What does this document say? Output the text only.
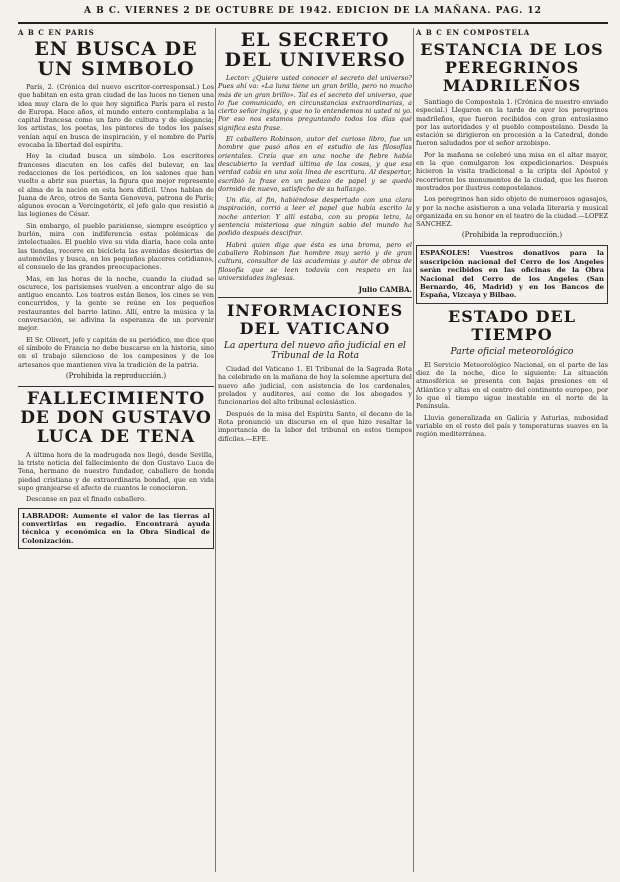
A B C. VIERNES 2 DE OCTUBRE DE 1942. EDICION DE LA MAÑANA. PAG. 12
A B C EN PARIS
EN BUSCA DE UN SIMBOLO

París, 2. (Crónica del nuevo escritor-corresponsal.) Los que habitan en esta gran ciudad de las luces no tienen una idea muy clara de lo que hoy significa París para el resto de Europa. Hace años, el mundo entero contemplaba a la capital francesa como un faro de cultura y de elegancia; los artistas, los poetas, los pintores de todos los países venían aquí en busca de inspiración, y el nombre de París evocaba la libertad del espíritu.

Hoy la ciudad busca un símbolo. Los escritores franceses discuten en los cafés del bulevar, en las redacciones de los periódicos, en los salones que han vuelto a abrir sus puertas, la figura que mejor represente el alma de la nación en esta hora difícil. Unos hablan de Juana de Arco, otros de Santa Genoveva, patrona de París; algunos evocan a Vercingetórix, el jefe galo que resistió a las legiones de César.

Sin embargo, el pueblo parisiense, siempre escéptico y burlón, mira con indiferencia estas polémicas de intelectuales. El pueblo vive su vida diaria, hace cola ante las tiendas, recorre en bicicleta las avenidas desiertas de automóviles y busca, en los pequeños placeres cotidianos, el consuelo de las grandes preocupaciones.

Mas, en las horas de la noche, cuando la ciudad se oscurece, los parisienses vuelven a encontrar algo de su antiguo encanto. Los teatros están llenos, los cines se ven concurridos, y la gente se reúne en los pequeños restaurantes del barrio latino. Allí, entre la música y la conversación, se adivina la esperanza de un porvenir mejor.

El Sr. Olivert, jefe y capitán de su periódico, me dice que el símbolo de Francia no debe buscarse en la historia, sino en el trabajo silencioso de los campesinos y de los artesanos que mantienen viva la tradición de la patria.

(Prohibida la reproducción.)
FALLECIMIENTO DE DON GUSTAVO LUCA DE TENA

A última hora de la madrugada nos llegó, desde Sevilla, la triste noticia del fallecimiento de don Gustavo Luca de Tena, hermano de nuestro fundador, caballero de honda piedad cristiana y de extraordinaria bondad, que en vida supo granjearse el afecto de cuantos le conocieron.

Descanse en paz el finado caballero.

LABRADOR: Aumente el valor de las tierras al convertirlas en regadío. Encontrará ayuda técnica y económica en la Obra Sindical de Colonización.
EL SECRETO DEL UNIVERSO

Lector: ¿Quiere usted conocer el secreto del universo? Pues ahí va: «La luna tiene un gran brillo, pero no mucho más de un gran brillo». Tal es el secreto del universo, que lo fue comunicado, en circunstancias extraordinarias, a cierto señor inglés, y que no lo entendemos ni usted ni yo. Por eso nos estamos preguntando todos los días qué significa esta frase.

El caballero Robinson, autor del curioso libro, fue un hombre que pasó años en el estudio de las filosofías orientales. Creía que en una noche de fiebre había descubierto la verdad última de las cosas, y que esa verdad cabía en una sola línea de escritura. Al despertar, escribió la frase en un pedazo de papel y se quedó dormido de nuevo, satisfecho de su hallazgo.

Un día, al fin, habiéndose despertado con una clara inspiración, corrió a leer el papel que había escrito la noche anterior. Y allí estaba, con su propia letra, la sentencia misteriosa que ningún sabio del mundo ha podido después descifrar.

Habrá quien diga que ésta es una broma, pero el caballero Robinson fue hombre muy serio y de gran cultura, consultor de las academias y autor de obras de filosofía que se leen todavía con respeto en las universidades inglesas.

Julio CAMBA.
INFORMACIONES DEL VATICANO
La apertura del nuevo año judicial en el Tribunal de la Rota

Ciudad del Vaticano 1. El Tribunal de la Sagrada Rota ha celebrado en la mañana de hoy la solemne apertura del nuevo año judicial, con asistencia de los cardenales, prelados y auditores, así como de los abogados y funcionarios del alto tribunal eclesiástico.

Después de la misa del Espíritu Santo, el decano de la Rota pronunció un discurso en el que hizo resaltar la importancia de la labor del tribunal en estos tiempos difíciles.—EFE.

A B C EN COMPOSTELA
ESTANCIA DE LOS PEREGRINOS MADRILEÑOS

Santiago de Compostela 1. (Crónica de nuestro enviado especial.) Llegaron en la tarde de ayer los peregrinos madrileños, que fueron recibidos con gran entusiasmo por las autoridades y el pueblo compostelano. Desde la estación se dirigieron en procesión a la Catedral, donde fueron saludados por el señor arzobispo.

Por la mañana se celebró una misa en el altar mayor, en la que comulgaron los expedicionarios. Después hicieron la visita tradicional a la cripta del Apóstol y recorrieron los monumentos de la ciudad, que les fueron mostrados por ilustres compostelanos.

Los peregrinos han sido objeto de numerosos agasajos, y por la noche asistieron a una velada literaria y musical organizada en su honor en el teatro de la ciudad.—LOPEZ SANCHEZ.

(Prohibida la reproducción.)
ESPAÑOLES! Vuestros donativos para la suscripción nacional del Cerro de los Angeles serán recibidos en las oficinas de la Obra Nacional del Cerro de los Angeles (San Bernardo, 46, Madrid) y en los Bancos de España, Vizcaya y Bilbao.
ESTADO DEL TIEMPO
Parte oficial meteorológico

El Servicio Meteorológico Nacional, en el parte de las diez de la noche, dice lo siguiente: La situación atmosférica se presenta con bajas presiones en el Atlántico y altas en el centro del continente europeo, por lo que el tiempo sigue inestable en el norte de la Península.

Lluvia generalizada en Galicia y Asturias, nubosidad variable en el resto del país y temperaturas suaves en la región mediterránea.
